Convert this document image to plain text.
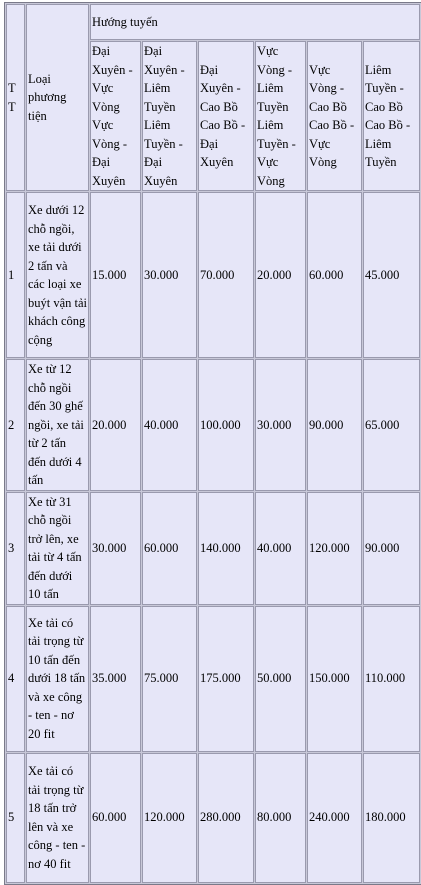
TT	Loại phương tiện	Hướng tuyến					
		Đại Xuyên - Vực Vòng Vực Vòng - Đại Xuyên	Đại Xuyên - Liêm Tuyền Liêm Tuyền - Đại Xuyên	Đại Xuyên - Cao Bồ Cao Bồ - Đại Xuyên	Vực Vòng - Liêm Tuyền Liêm Tuyền - Vực Vòng	Vực Vòng - Cao Bồ Cao Bồ - Vực Vòng	Liêm Tuyền - Cao Bồ Cao Bồ - Liêm Tuyền
1	Xe dưới 12 chỗ ngồi, xe tải dưới 2 tấn và các loại xe buýt vận tải khách công cộng	15.000	30.000	70.000	20.000	60.000	45.000
2	Xe từ 12 chỗ ngồi đến 30 ghế ngồi, xe tải từ 2 tấn đến dưới 4 tấn	20.000	40.000	100.000	30.000	90.000	65.000
3	Xe từ 31 chỗ ngồi trở lên, xe tải từ 4 tấn đến dưới 10 tấn	30.000	60.000	140.000	40.000	120.000	90.000
4	Xe tải có tải trọng từ 10 tấn đến dưới 18 tấn và xe công - ten - nơ 20 fit	35.000	75.000	175.000	50.000	150.000	110.000
5	Xe tải có tải trọng từ 18 tấn trở lên và xe công - ten - nơ 40 fit	60.000	120.000	280.000	80.000	240.000	180.000
